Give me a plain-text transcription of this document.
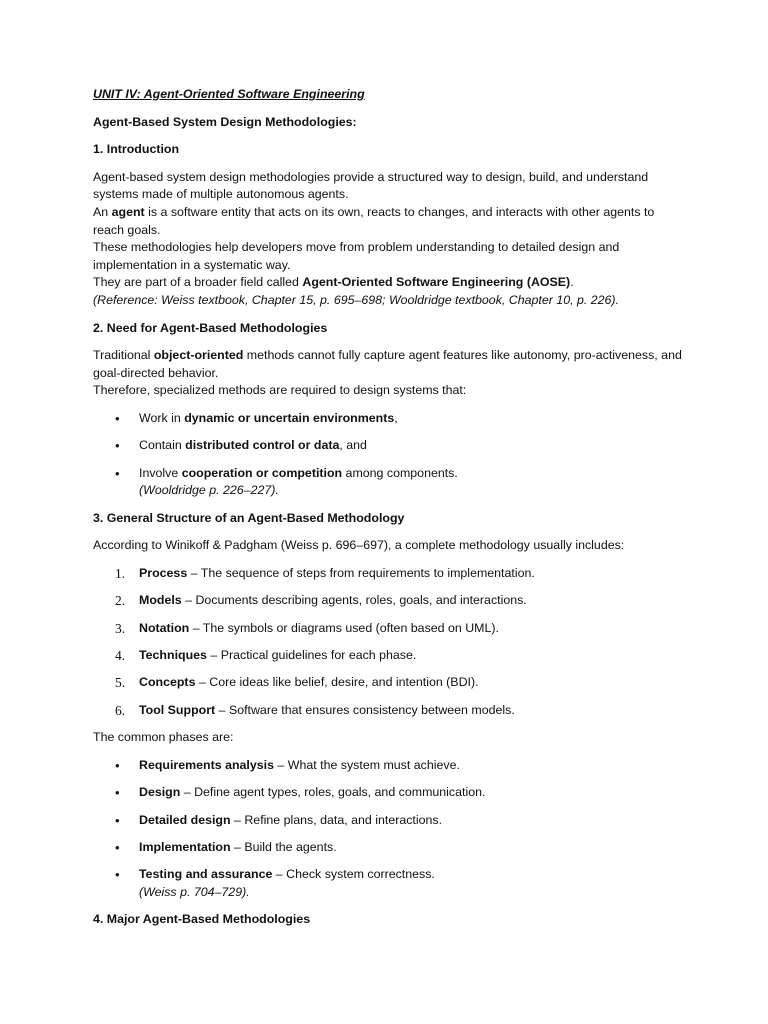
UNIT IV: Agent-Oriented Software Engineering

Agent-Based System Design Methodologies:

1. Introduction

Agent-based system design methodologies provide a structured way to design, build, and understand systems made of multiple autonomous agents.

An agent is a software entity that acts on its own, reacts to changes, and interacts with other agents to reach goals.

These methodologies help developers move from problem understanding to detailed design and implementation in a systematic way.

They are part of a broader field called Agent-Oriented Software Engineering (AOSE).

(Reference: Weiss textbook, Chapter 15, p. 695–698; Wooldridge textbook, Chapter 10, p. 226).

2. Need for Agent-Based Methodologies

Traditional object-oriented methods cannot fully capture agent features like autonomy, pro-activeness, and goal-directed behavior.

Therefore, specialized methods are required to design systems that:

• Work in dynamic or uncertain environments,
• Contain distributed control or data, and
• Involve cooperation or competition among components.
(Wooldridge p. 226–227).

3. General Structure of an Agent-Based Methodology

According to Winikoff & Padgham (Weiss p. 696–697), a complete methodology usually includes:

1. Process – The sequence of steps from requirements to implementation.
2. Models – Documents describing agents, roles, goals, and interactions.
3. Notation – The symbols or diagrams used (often based on UML).
4. Techniques – Practical guidelines for each phase.
5. Concepts – Core ideas like belief, desire, and intention (BDI).
6. Tool Support – Software that ensures consistency between models.

The common phases are:

• Requirements analysis – What the system must achieve.
• Design – Define agent types, roles, goals, and communication.
• Detailed design – Refine plans, data, and interactions.
• Implementation – Build the agents.
• Testing and assurance – Check system correctness.
(Weiss p. 704–729).

4. Major Agent-Based Methodologies
